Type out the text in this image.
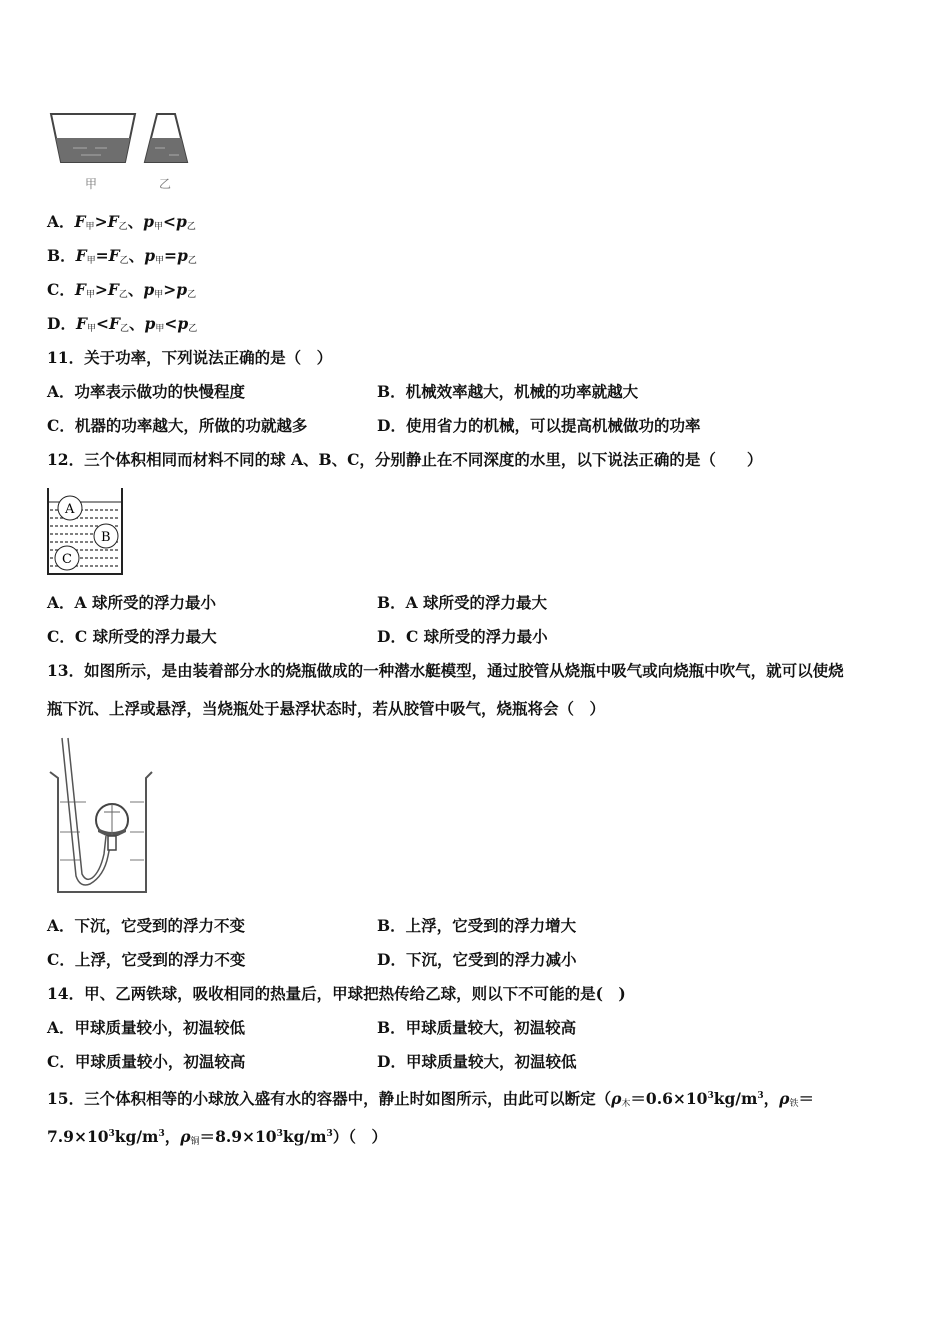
甲	乙
A．$F_甲>F_乙$、$p_甲<p_乙$
B．$F_甲=F_乙$、$p_甲=p_乙$
C．$F_甲>F_乙$、$p_甲>p_乙$
D．$F_甲<F_乙$、$p_甲<p_乙$
11．关于功率，下列说法正确的是（　）
A．功率表示做功的快慢程度	B．机械效率越大，机械的功率就越大
C．机器的功率越大，所做的功就越多	D．使用省力的机械，可以提高机械做功的功率
12．三个体积相同而材料不同的球 A、B、C，分别静止在不同深度的水里，以下说法正确的是（　　）
A
B
C
A．A 球所受的浮力最小	B．A 球所受的浮力最大
C．C 球所受的浮力最大	D．C 球所受的浮力最小
13．如图所示，是由装着部分水的烧瓶做成的一种潜水艇模型，通过胶管从烧瓶中吸气或向烧瓶中吹气，就可以使烧
瓶下沉、上浮或悬浮，当烧瓶处于悬浮状态时，若从胶管中吸气，烧瓶将会（　）
A．下沉，它受到的浮力不变	B．上浮，它受到的浮力增大
C．上浮，它受到的浮力不变	D．下沉，它受到的浮力减小
14．甲、乙两铁球，吸收相同的热量后，甲球把热传给乙球，则以下不可能的是(　)
A．甲球质量较小，初温较低	B．甲球质量较大，初温较高
C．甲球质量较小，初温较高	D．甲球质量较大，初温较低
15．三个体积相等的小球放入盛有水的容器中，静止时如图所示，由此可以断定（$\rho_木=0.6\times 10^3kg/m^3$，$\rho_铁=$
$7.9\times 10^3kg/m^3$，$\rho_铜=8.9\times 10^3kg/m^3$）（　）
